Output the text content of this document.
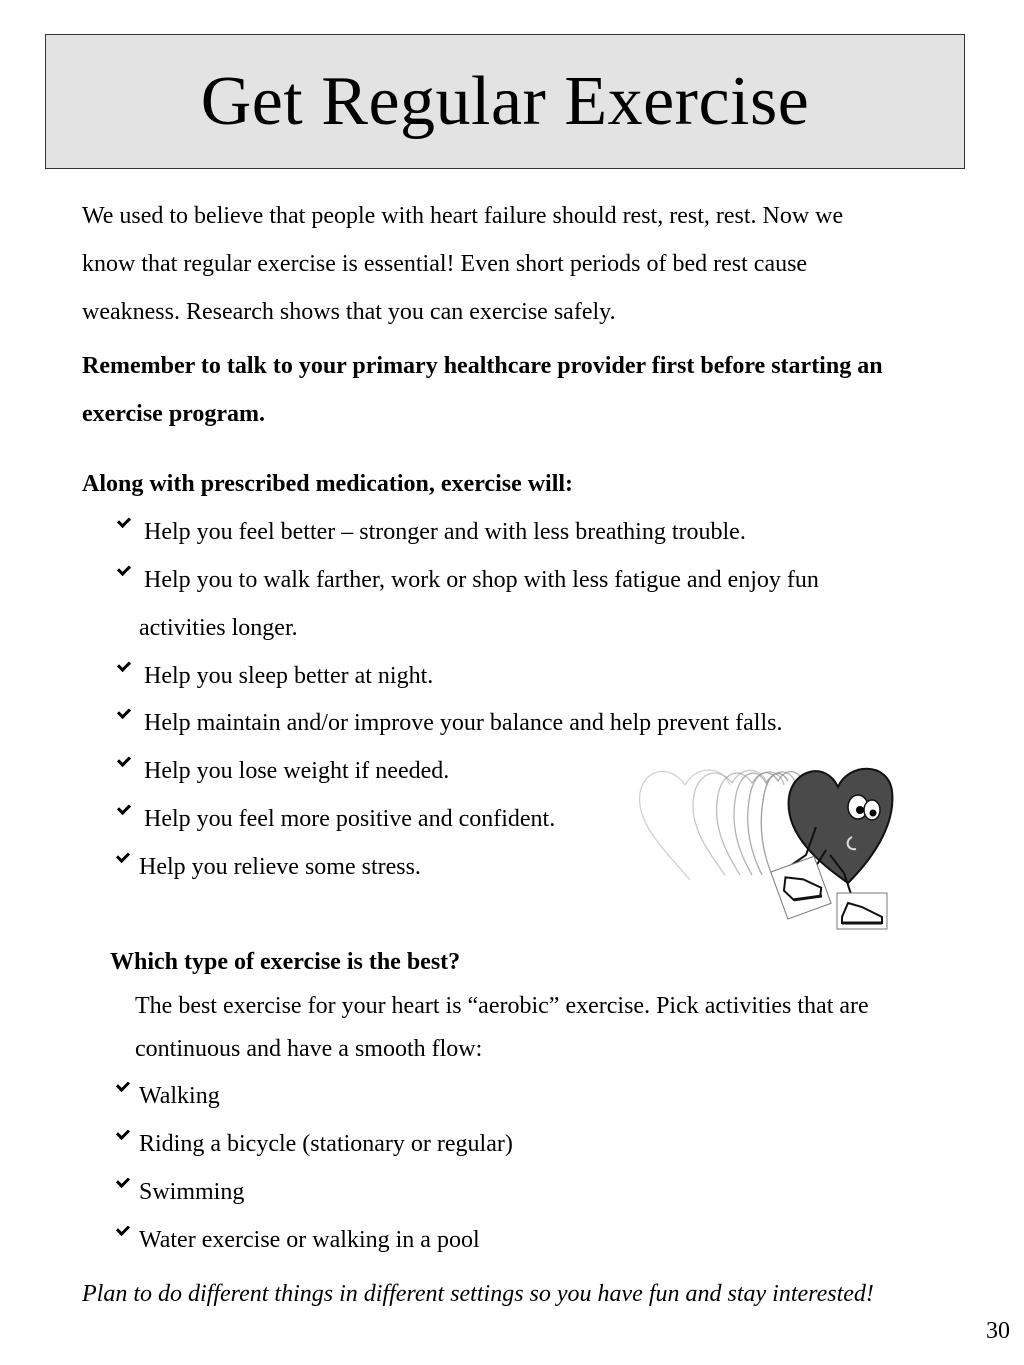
Get Regular Exercise
We used to believe that people with heart failure should rest, rest, rest. Now we
know that regular exercise is essential! Even short periods of bed rest cause
weakness. Research shows that you can exercise safely.
Remember to talk to your primary healthcare provider first before starting an
exercise program.
Along with prescribed medication, exercise will:
Help you feel better – stronger and with less breathing trouble.
Help you to walk farther, work or shop with less fatigue and enjoy fun
activities longer.
Help you sleep better at night.
Help maintain and/or improve your balance and help prevent falls.
Help you lose weight if needed.
Help you feel more positive and confident.
Help you relieve some stress.
Which type of exercise is the best?
The best exercise for your heart is “aerobic” exercise. Pick activities that are
continuous and have a smooth flow:
Walking
Riding a bicycle (stationary or regular)
Swimming
Water exercise or walking in a pool
Plan to do different things in different settings so you have fun and stay interested!
30
